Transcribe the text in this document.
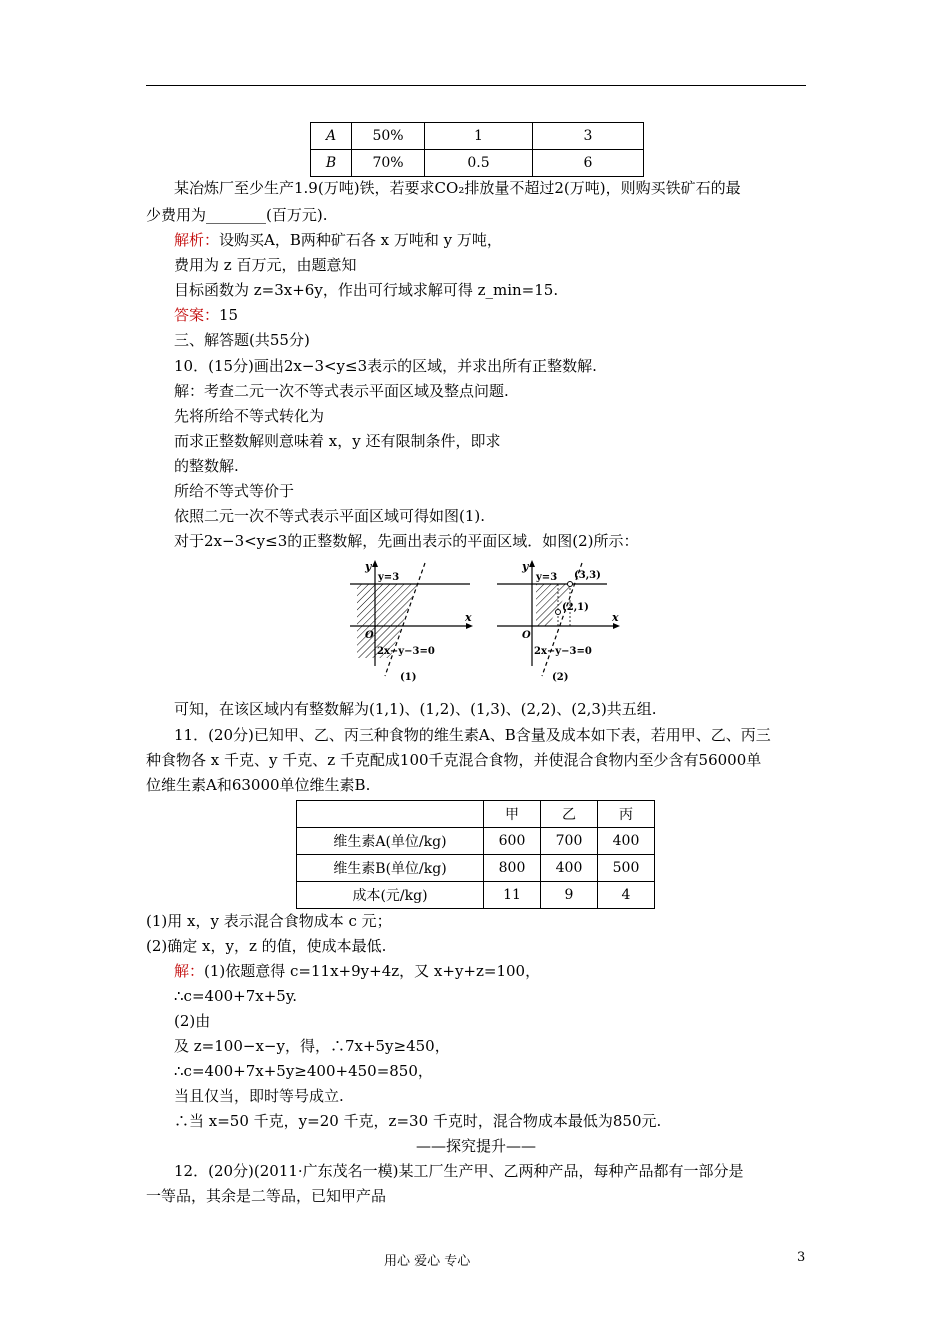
A	50%	1	3
B	70%	0.5	6
某冶炼厂至少生产1.9(万吨)铁，若要求CO₂排放量不超过2(万吨)，则购买铁矿石的最
少费用为________(百万元).
解析：设购买A，B两种矿石各 x 万吨和 y 万吨，
费用为 z 百万元，由题意知
目标函数为 z=3x+6y，作出可行域求解可得 z_min=15.
答案：15
三、解答题(共55分)
10．(15分)画出2x−3<y≤3表示的区域，并求出所有正整数解.
解：考查二元一次不等式表示平面区域及整点问题.
先将所给不等式转化为
而求正整数解则意味着 x，y 还有限制条件，即求
的整数解.
所给不等式等价于
依照二元一次不等式表示平面区域可得如图(1).
对于2x−3<y≤3的正整数解，先画出表示的平面区域．如图(2)所示：
y
x
y=3
O
2x−y−3=0
(1)
y
x
y=3 (3,3)
(2,1)
O
2x−y−3=0
(2)
可知，在该区域内有整数解为(1,1)、(1,2)、(1,3)、(2,2)、(2,3)共五组.
11．(20分)已知甲、乙、丙三种食物的维生素A、B含量及成本如下表，若用甲、乙、丙三
种食物各 x 千克、y 千克、z 千克配成100千克混合食物，并使混合食物内至少含有56000单
位维生素A和63000单位维生素B.
	甲	乙	丙
维生素A(单位/kg)	600	700	400
维生素B(单位/kg)	800	400	500
成本(元/kg)	11	9	4
(1)用 x，y 表示混合食物成本 c 元；
(2)确定 x，y，z 的值，使成本最低.
解：(1)依题意得 c=11x+9y+4z，又 x+y+z=100，
∴c=400+7x+5y.
(2)由
及 z=100−x−y，得，∴7x+5y≥450，
∴c=400+7x+5y≥400+450=850，
当且仅当，即时等号成立.
∴当 x=50 千克，y=20 千克，z=30 千克时，混合物成本最低为850元.
——探究提升——
12．(20分)(2011·广东茂名一模)某工厂生产甲、乙两种产品，每种产品都有一部分是
一等品，其余是二等品，已知甲产品
用心 爱心 专心	3
